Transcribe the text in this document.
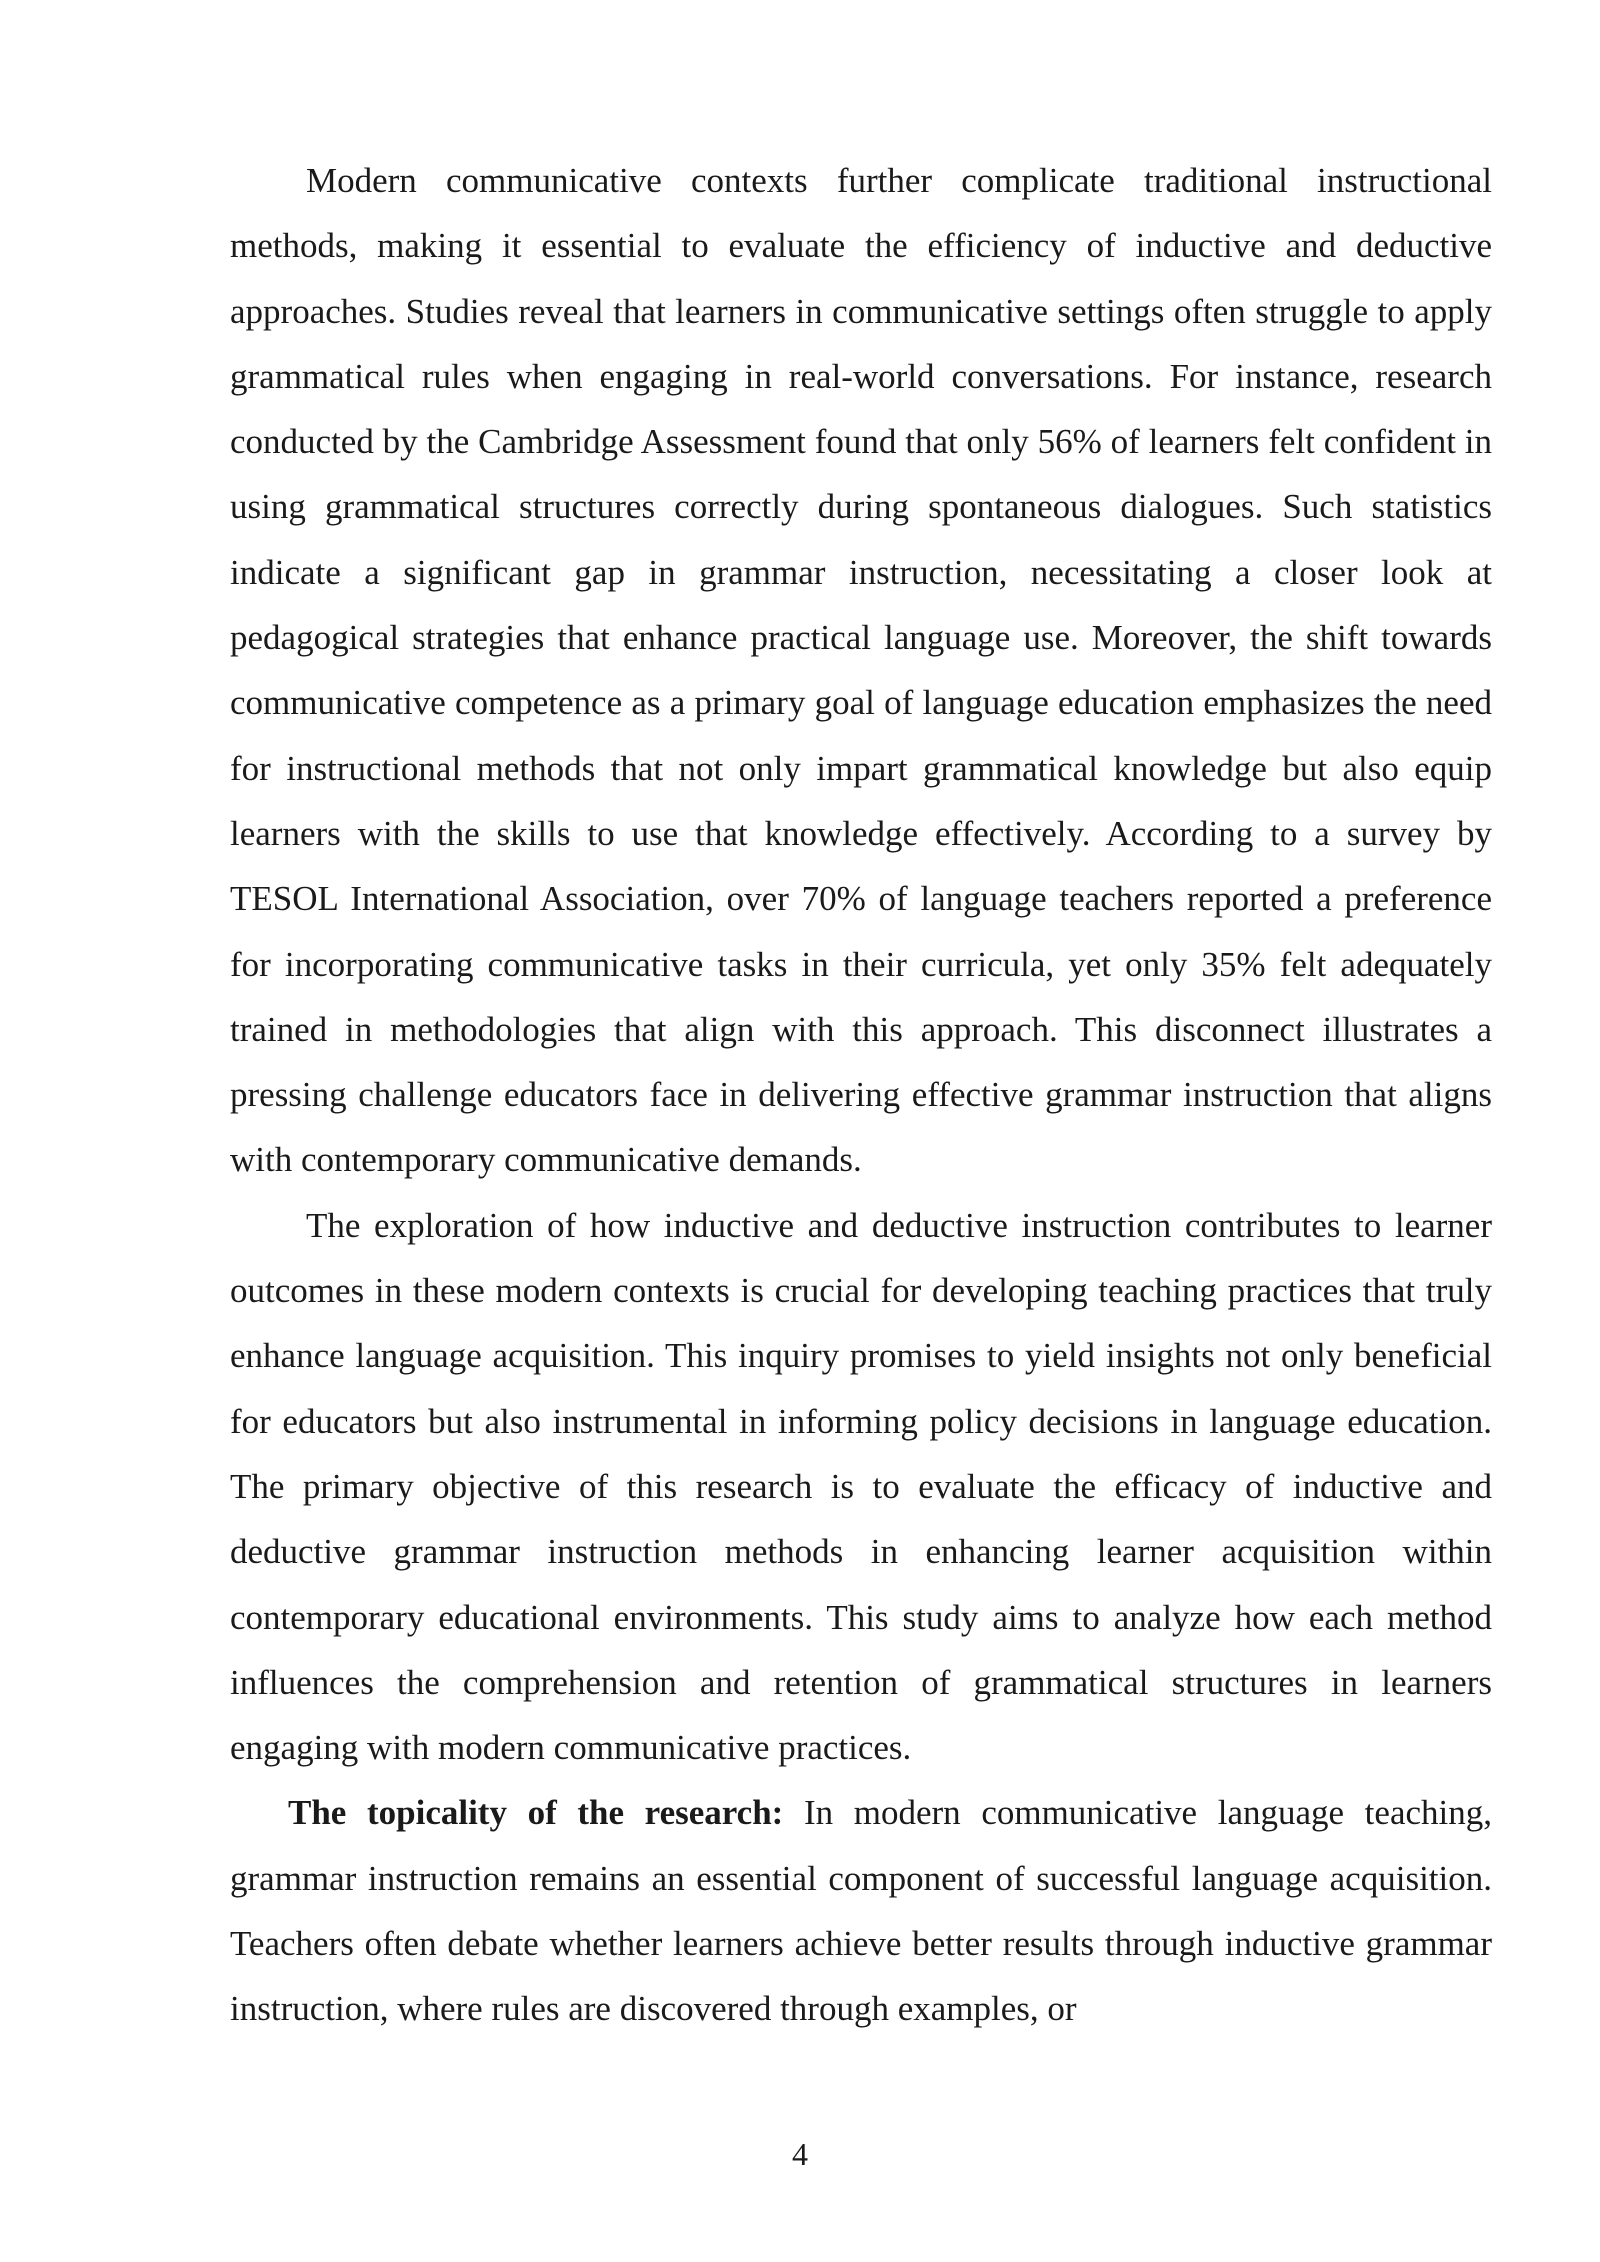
Modern communicative contexts further complicate traditional instructional methods, making it essential to evaluate the efficiency of inductive and deductive approaches. Studies reveal that learners in communicative settings often struggle to apply grammatical rules when engaging in real-world conversations. For instance, research conducted by the Cambridge Assessment found that only 56% of learners felt confident in using grammatical structures correctly during spontaneous dialogues. Such statistics indicate a significant gap in grammar instruction, necessitating a closer look at pedagogical strategies that enhance practical language use. Moreover, the shift towards communicative competence as a primary goal of language education emphasizes the need for instructional methods that not only impart grammatical knowledge but also equip learners with the skills to use that knowledge effectively. According to a survey by TESOL International Association, over 70% of language teachers reported a preference for incorporating communicative tasks in their curricula, yet only 35% felt adequately trained in methodologies that align with this approach. This disconnect illustrates a pressing challenge educators face in delivering effective grammar instruction that aligns with contemporary communicative demands.

The exploration of how inductive and deductive instruction contributes to learner outcomes in these modern contexts is crucial for developing teaching practices that truly enhance language acquisition. This inquiry promises to yield insights not only beneficial for educators but also instrumental in informing policy decisions in language education. The primary objective of this research is to evaluate the efficacy of inductive and deductive grammar instruction methods in enhancing learner acquisition within contemporary educational environments. This study aims to analyze how each method influences the comprehension and retention of grammatical structures in learners engaging with modern communicative practices.

The topicality of the research: In modern communicative language teaching, grammar instruction remains an essential component of successful language acquisition. Teachers often debate whether learners achieve better results through inductive grammar instruction, where rules are discovered through examples, or

4
